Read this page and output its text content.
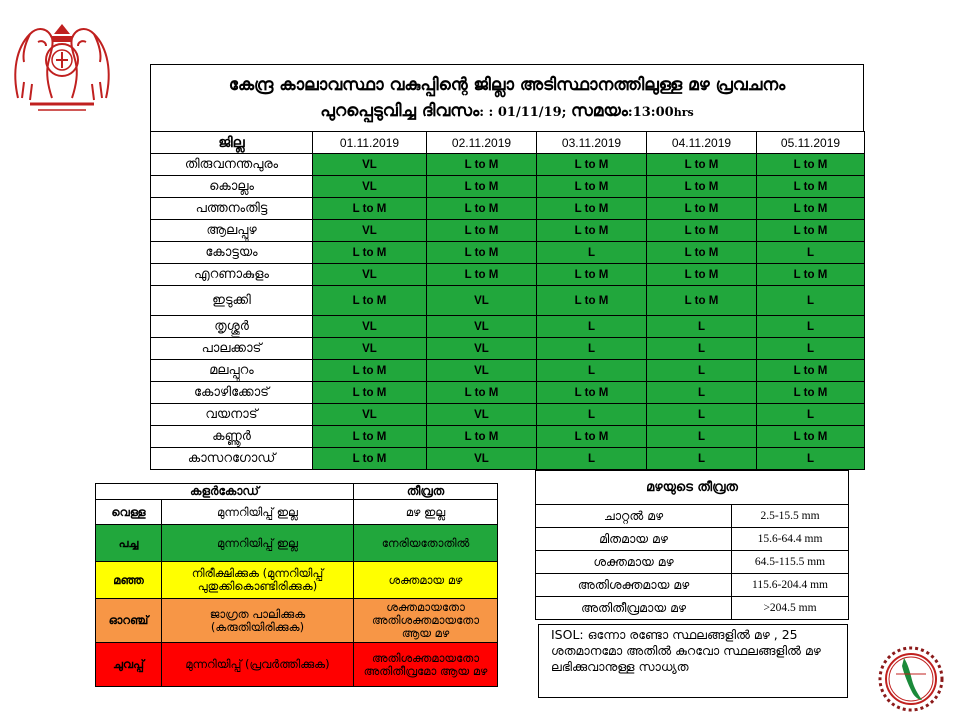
കേന്ദ്ര കാലാവസ്ഥാ വകുപ്പിന്റെ ജില്ലാ അടിസ്ഥാനത്തിലുള്ള മഴ പ്രവചനം
പുറപ്പെടുവിച്ച ദിവസം: : 01/11/19; സമയം:13:00hrs
ജില്ല	01.11.2019	02.11.2019	03.11.2019	04.11.2019	05.11.2019
തിരുവനന്തപുരം	VL	L to M	L to M	L to M	L to M
കൊല്ലം	VL	L to M	L to M	L to M	L to M
പത്തനംതിട്ട	L to M	L to M	L to M	L to M	L to M
ആലപ്പുഴ	VL	L to M	L to M	L to M	L to M
കോട്ടയം	L to M	L to M	L	L to M	L
എറണാകുളം	VL	L to M	L to M	L to M	L to M
ഇടുക്കി	L to M	VL	L to M	L to M	L
തൃശ്ശൂർ	VL	VL	L	L	L
പാലക്കാട്	VL	VL	L	L	L
മലപ്പുറം	L to M	VL	L	L	L to M
കോഴിക്കോട്	L to M	L to M	L to M	L	L to M
വയനാട്	VL	VL	L	L	L
കണ്ണൂർ	L to M	L to M	L to M	L	L to M
കാസറഗോഡ്	L to M	VL	L	L	L
കളർകോഡ്		തീവ്രത
വെള്ള	മുന്നറിയിപ്പ് ഇല്ല	മഴ ഇല്ല
പച്ച	മുന്നറിയിപ്പ് ഇല്ല	നേരിയതോതിൽ
മഞ്ഞ	നിരീക്ഷിക്കുക (മുന്നറിയിപ്പ് പുതുക്കികൊണ്ടിരിക്കുക)	ശക്തമായ മഴ
ഓറഞ്ച്	ജാഗ്രത പാലിക്കുക (കരുതിയിരിക്കുക)	ശക്തമായതോ അതിശക്തമായതോ ആയ മഴ
ചുവപ്പ്	മുന്നറിയിപ്പ് (പ്രവർത്തിക്കുക)	അതിശക്തമായതോ അതിതീവ്രമോ ആയ മഴ
മഴയുടെ തീവ്രത	
ചാറ്റൽ മഴ	2.5-15.5 mm
മിതമായ മഴ	15.6-64.4 mm
ശക്തമായ മഴ	64.5-115.5 mm
അതിശക്തമായ മഴ	115.6-204.4 mm
അതിതീവ്രമായ മഴ	>204.5 mm
ISOL: ഒന്നോ രണ്ടോ സ്ഥലങ്ങളിൽ മഴ , 25 ശതമാനമോ അതിൽ കുറവോ സ്ഥലങ്ങളിൽ മഴ ലഭിക്കുവാനുള്ള സാധ്യത
